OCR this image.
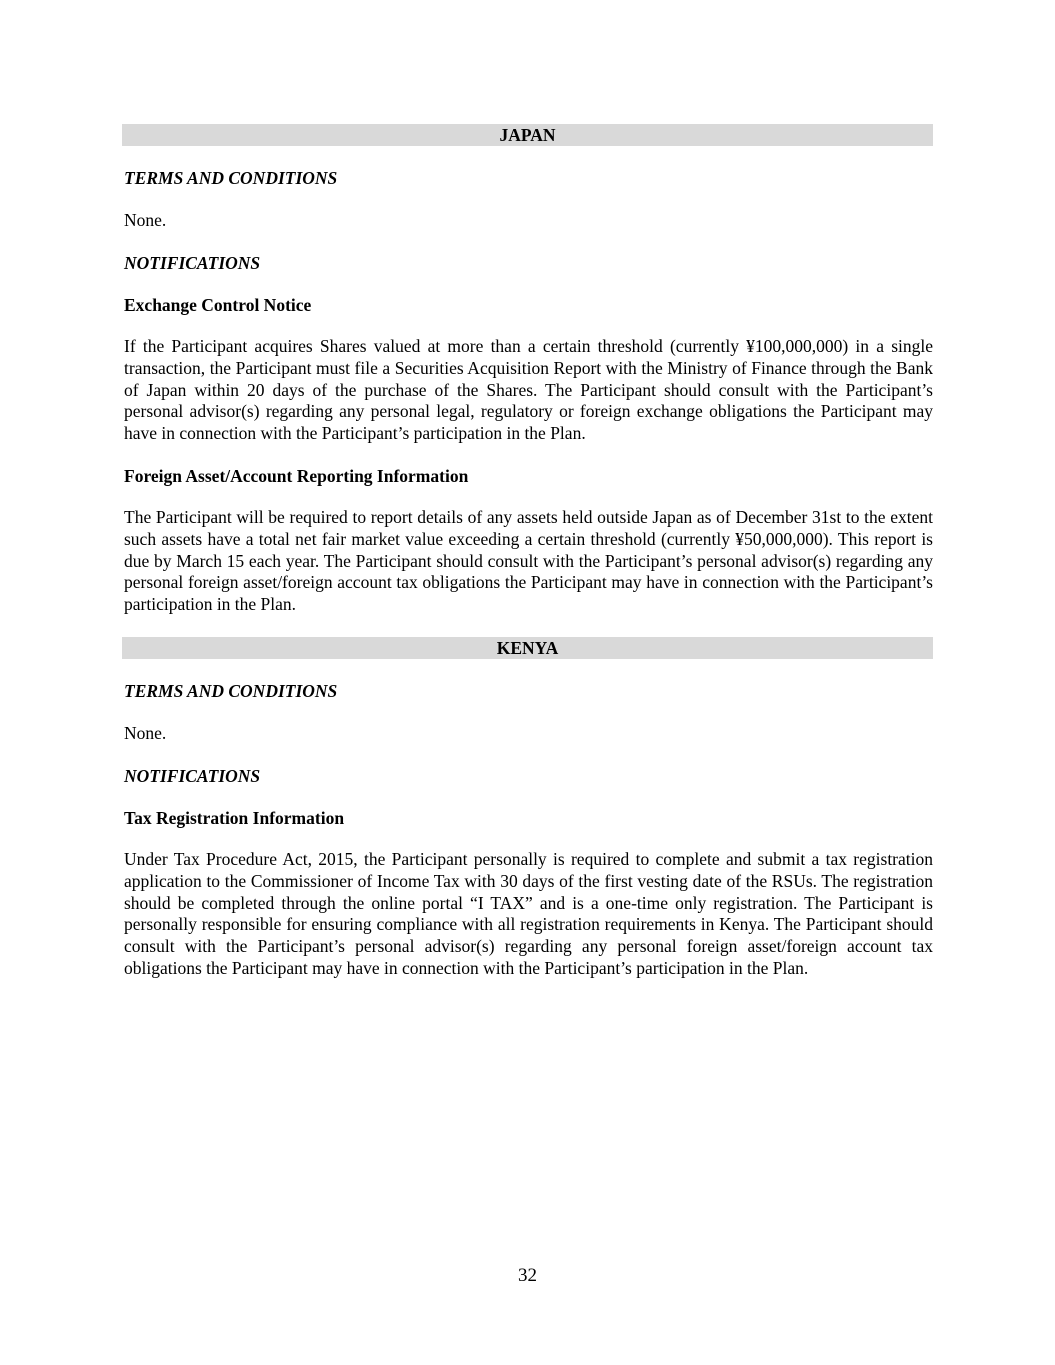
JAPAN
TERMS AND CONDITIONS
None.
NOTIFICATIONS
Exchange Control Notice
If the Participant acquires Shares valued at more than a certain threshold (currently ¥100,000,000) in a single transaction, the Participant must file a Securities Acquisition Report with the Ministry of Finance through the Bank of Japan within 20 days of the purchase of the Shares. The Participant should consult with the Participant’s personal advisor(s) regarding any personal legal, regulatory or foreign exchange obligations the Participant may have in connection with the Participant’s participation in the Plan.
Foreign Asset/Account Reporting Information
The Participant will be required to report details of any assets held outside Japan as of December 31st to the extent such assets have a total net fair market value exceeding a certain threshold (currently ¥50,000,000). This report is due by March 15 each year. The Participant should consult with the Participant’s personal advisor(s) regarding any personal foreign asset/foreign account tax obligations the Participant may have in connection with the Participant’s participation in the Plan.
KENYA
TERMS AND CONDITIONS
None.
NOTIFICATIONS
Tax Registration Information
Under Tax Procedure Act, 2015, the Participant personally is required to complete and submit a tax registration application to the Commissioner of Income Tax with 30 days of the first vesting date of the RSUs. The registration should be completed through the online portal “I TAX” and is a one-time only registration. The Participant is personally responsible for ensuring compliance with all registration requirements in Kenya. The Participant should consult with the Participant’s personal advisor(s) regarding any personal foreign asset/foreign account tax obligations the Participant may have in connection with the Participant’s participation in the Plan.
32
